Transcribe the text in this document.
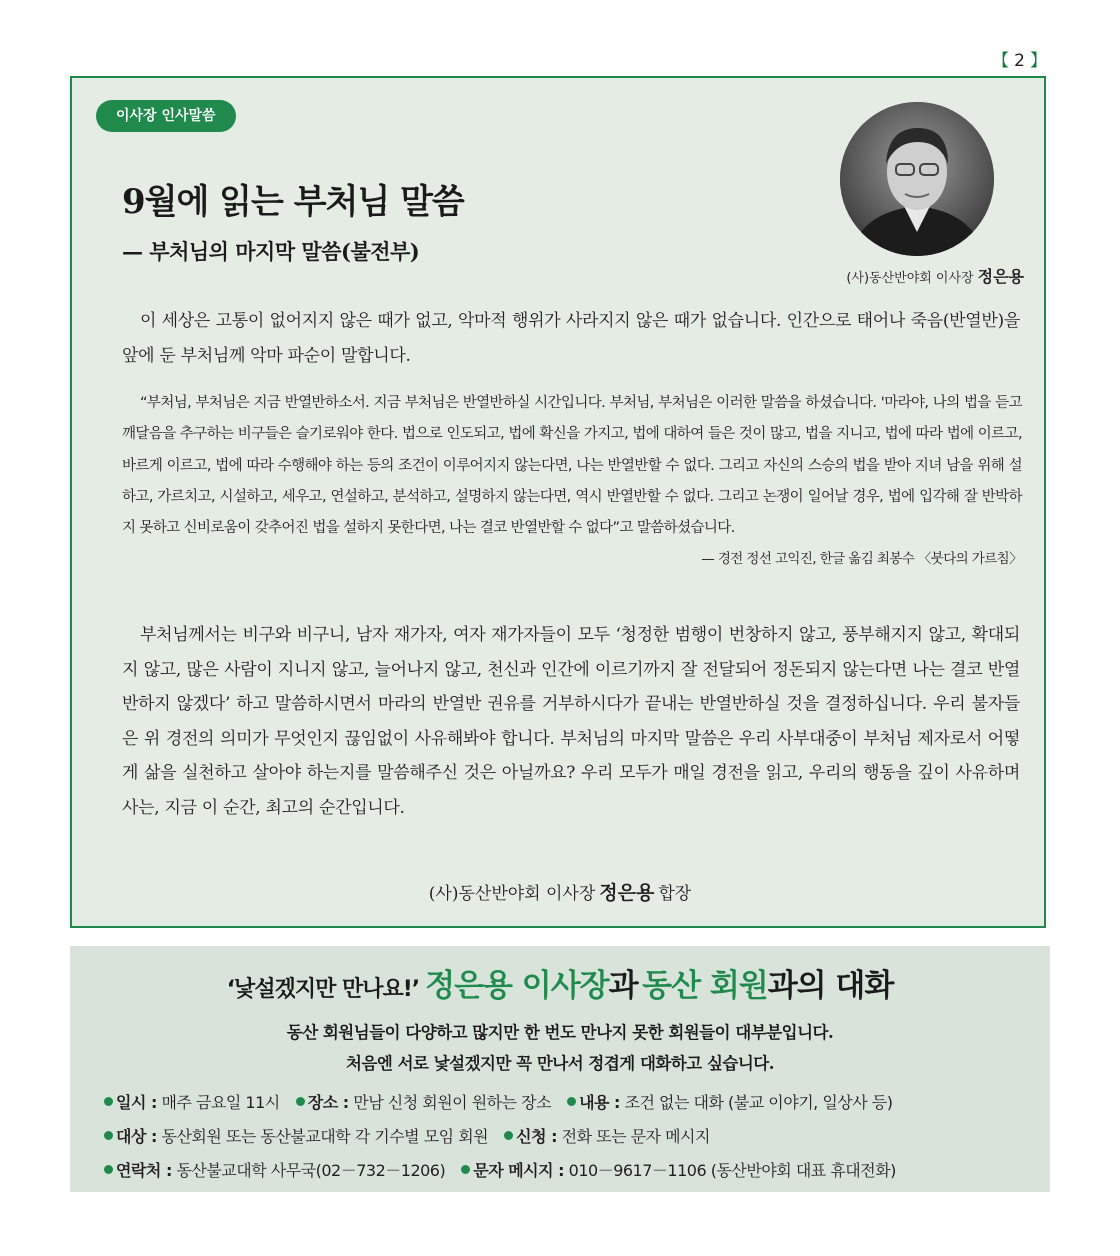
【 2 】
이사장 인사말씀
9월에 읽는 부처님 말씀
— 부처님의 마지막 말씀(불전부)
(사)동산반야회 이사장 정은용

이 세상은 고통이 없어지지 않은 때가 없고, 악마적 행위가 사라지지 않은 때가 없습니다. 인간으로 태어나 죽음(반열반)을 앞에 둔 부처님께 악마 파순이 말합니다.

“부처님, 부처님은 지금 반열반하소서. 지금 부처님은 반열반하실 시간입니다. 부처님, 부처님은 이러한 말씀을 하셨습니다. '마라야, 나의 법을 듣고 깨달음을 추구하는 비구들은 슬기로워야 한다. 법으로 인도되고, 법에 확신을 가지고, 법에 대하여 들은 것이 많고, 법을 지니고, 법에 따라 법에 이르고, 바르게 이르고, 법에 따라 수행해야 하는 등의 조건이 이루어지지 않는다면, 나는 반열반할 수 없다. 그리고 자신의 스승의 법을 받아 지녀 남을 위해 설하고, 가르치고, 시설하고, 세우고, 연설하고, 분석하고, 설명하지 않는다면, 역시 반열반할 수 없다. 그리고 논쟁이 일어날 경우, 법에 입각해 잘 반박하지 못하고 신비로움이 갖추어진 법을 설하지 못한다면, 나는 결코 반열반할 수 없다”고 말씀하셨습니다.
— 경전 정선 고익진, 한글 옮김 최봉수 〈붓다의 가르침〉

부처님께서는 비구와 비구니, 남자 재가자, 여자 재가자들이 모두 ‘청정한 범행이 번창하지 않고, 풍부해지지 않고, 확대되지 않고, 많은 사람이 지니지 않고, 늘어나지 않고, 천신과 인간에 이르기까지 잘 전달되어 정돈되지 않는다면 나는 결코 반열반하지 않겠다’ 하고 말씀하시면서 마라의 반열반 권유를 거부하시다가 끝내는 반열반하실 것을 결정하십니다. 우리 불자들은 위 경전의 의미가 무엇인지 끊임없이 사유해봐야 합니다. 부처님의 마지막 말씀은 우리 사부대중이 부처님 제자로서 어떻게 삶을 실천하고 살아야 하는지를 말씀해주신 것은 아닐까요? 우리 모두가 매일 경전을 읽고, 우리의 행동을 깊이 사유하며 사는, 지금 이 순간, 최고의 순간입니다.

(사)동산반야회 이사장 정은용 합장

‘낯설겠지만 만나요!’ 정은용 이사장과 동산 회원과의 대화

동산 회원님들이 다양하고 많지만 한 번도 만나지 못한 회원들이 대부분입니다.

처음엔 서로 낯설겠지만 꼭 만나서 정겹게 대화하고 싶습니다.

일시 : 매주 금요일 11시 장소 : 만남 신청 회원이 원하는 장소 내용 : 조건 없는 대화 (불교 이야기, 일상사 등)

대상 : 동산회원 또는 동산불교대학 각 기수별 모임 회원 신청 : 전화 또는 문자 메시지

연락처 : 동산불교대학 사무국(02－732－1206) 문자 메시지 : 010－9617－1106 (동산반야회 대표 휴대전화)
